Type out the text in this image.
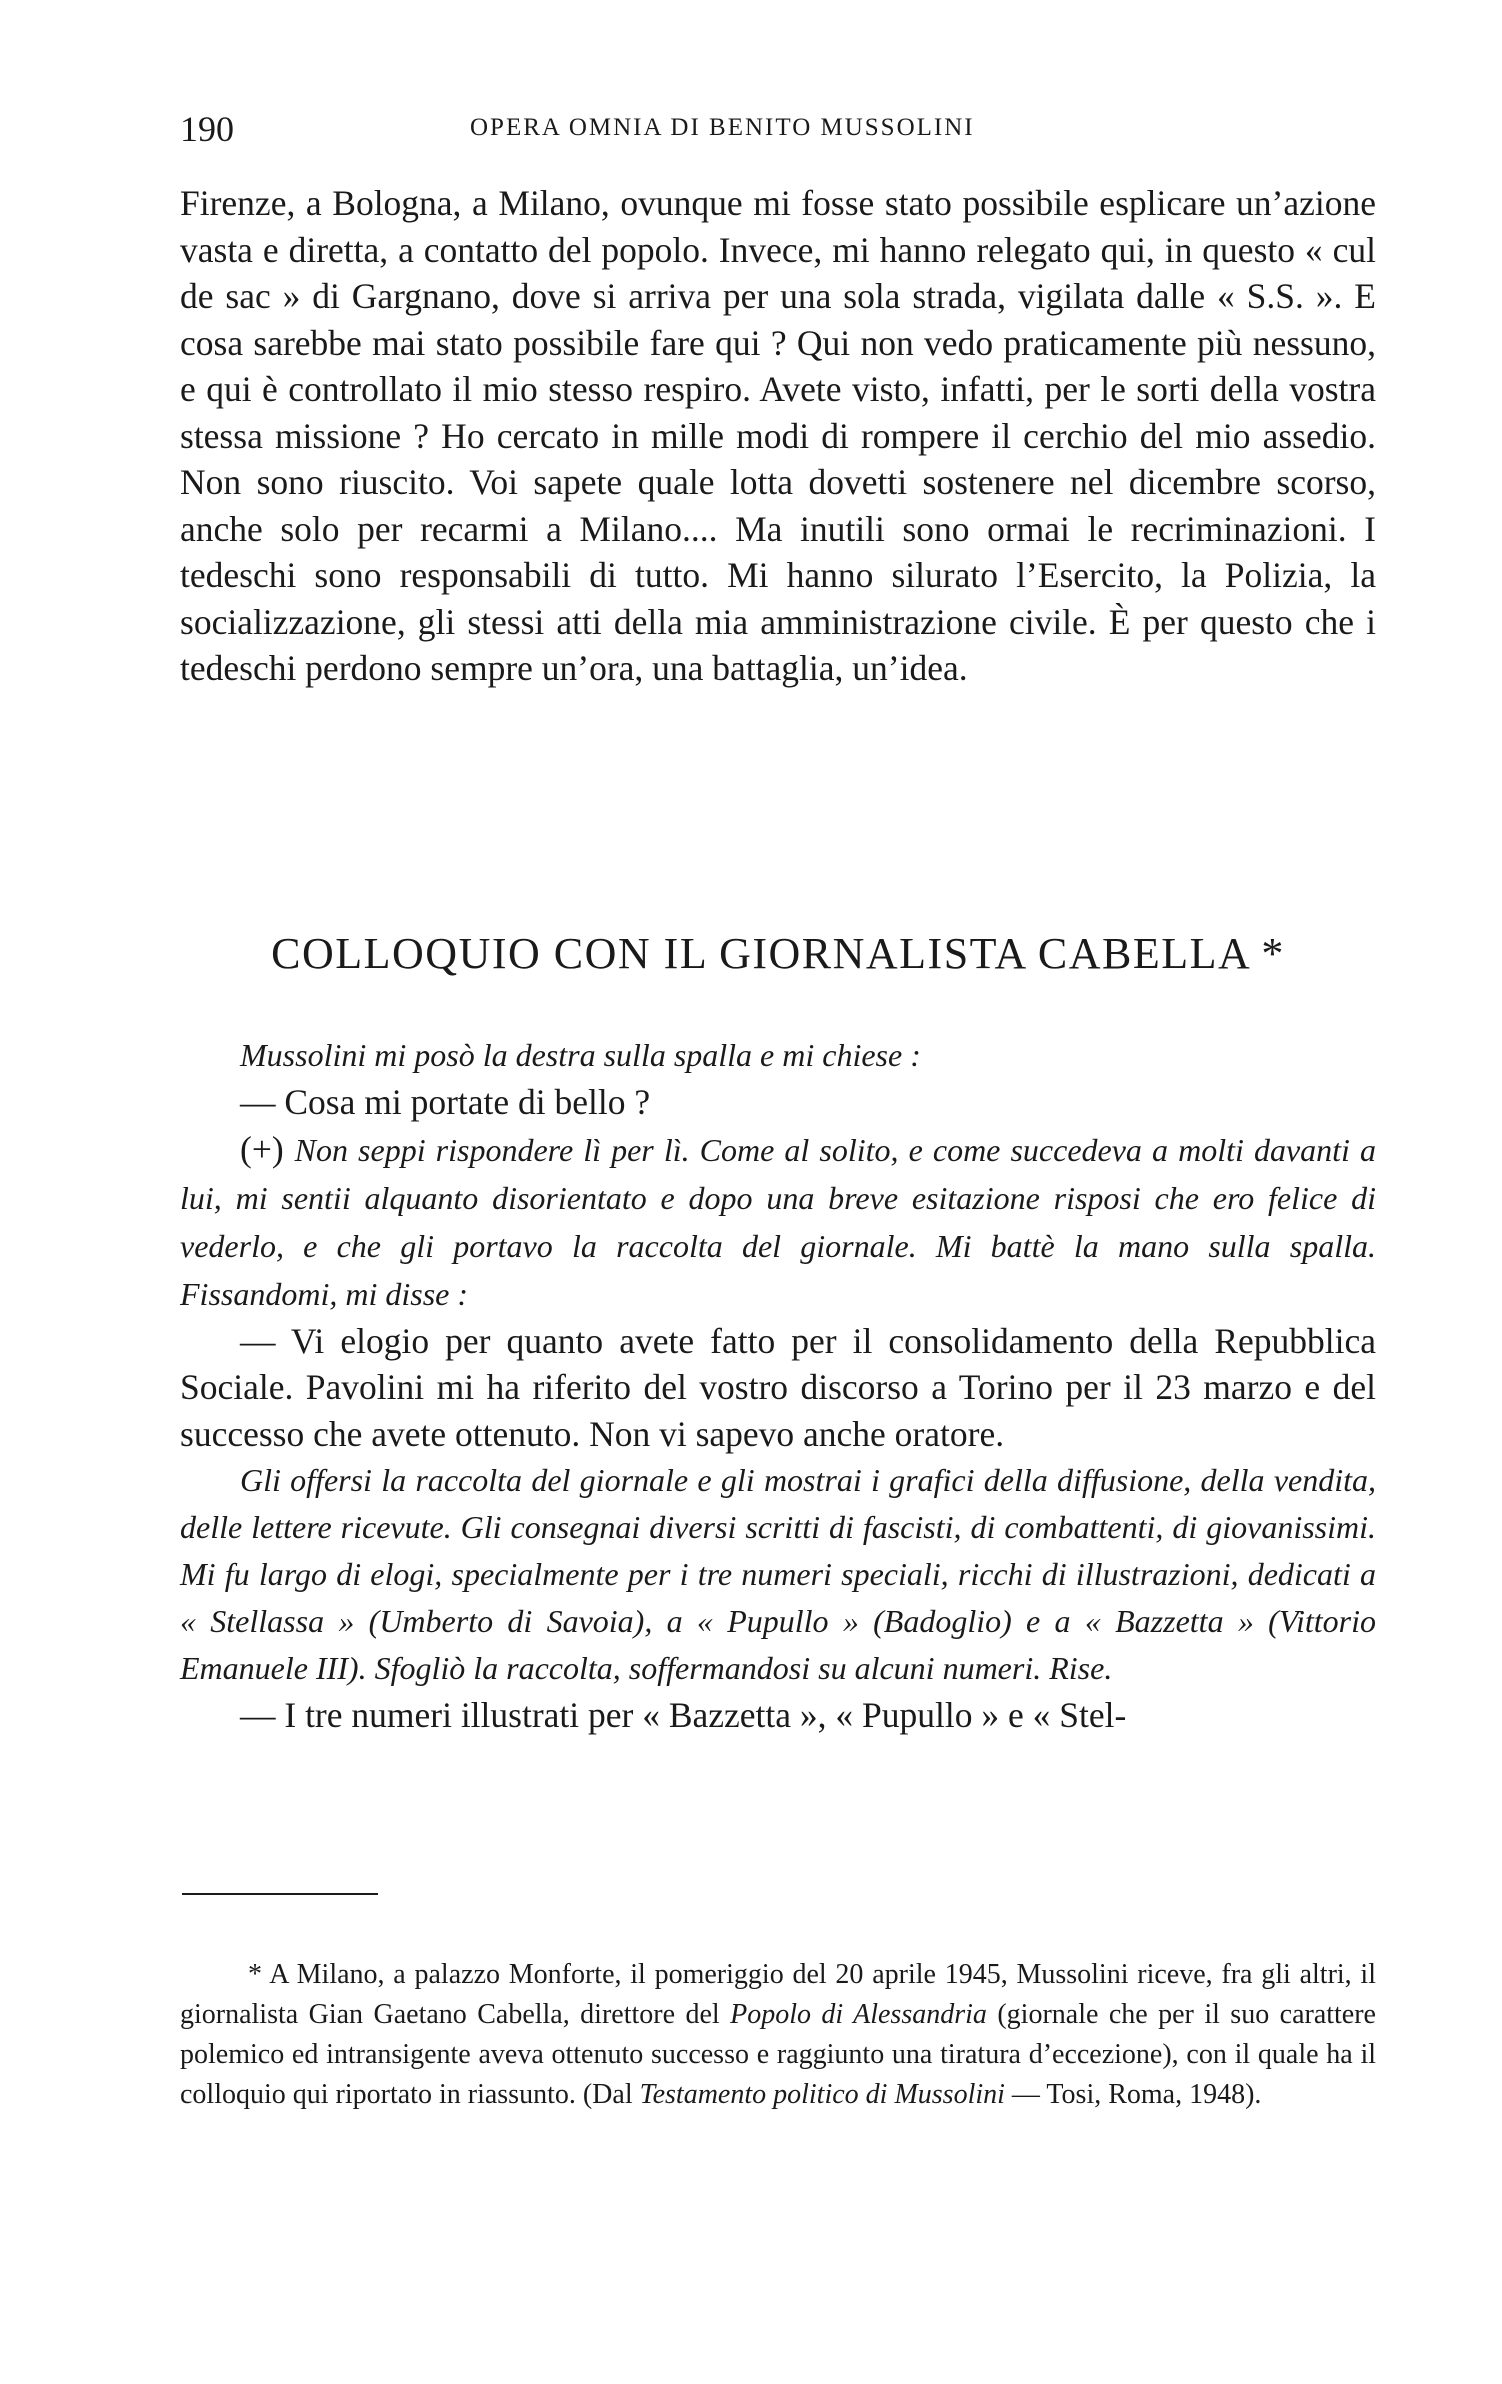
190	OPERA OMNIA DI BENITO MUSSOLINI

Firenze, a Bologna, a Milano, ovunque mi fosse stato possibile esplicare un’azione vasta e diretta, a contatto del popolo. Invece, mi hanno relegato qui, in questo « cul de sac » di Gargnano, dove si arriva per una sola strada, vigilata dalle « S.S. ». E cosa sarebbe mai stato possibile fare qui ? Qui non vedo praticamente più nessuno, e qui è controllato il mio stesso respiro. Avete visto, infatti, per le sorti della vostra stessa missione ? Ho cercato in mille modi di rompere il cerchio del mio assedio. Non sono riuscito. Voi sapete quale lotta dovetti sostenere nel dicembre scorso, anche solo per recarmi a Milano.... Ma inutili sono ormai le recriminazioni. I tedeschi sono responsabili di tutto. Mi hanno silurato l’Esercito, la Polizia, la socializzazione, gli stessi atti della mia amministrazione civile. È per questo che i tedeschi perdono sempre un’ora, una battaglia, un’idea.

COLLOQUIO CON IL GIORNALISTA CABELLA *

Mussolini mi posò la destra sulla spalla e mi chiese :

— Cosa mi portate di bello ?

(+) Non seppi rispondere lì per lì. Come al solito, e come succedeva a molti davanti a lui, mi sentii alquanto disorientato e dopo una breve esitazione risposi che ero felice di vederlo, e che gli portavo la raccolta del giornale. Mi battè la mano sulla spalla. Fissandomi, mi disse :

— Vi elogio per quanto avete fatto per il consolidamento della Repubblica Sociale. Pavolini mi ha riferito del vostro discorso a Torino per il 23 marzo e del successo che avete ottenuto. Non vi sapevo anche oratore.

Gli offersi la raccolta del giornale e gli mostrai i grafici della diffusione, della vendita, delle lettere ricevute. Gli consegnai diversi scritti di fascisti, di combattenti, di giovanissimi. Mi fu largo di elogi, specialmente per i tre numeri speciali, ricchi di illustrazioni, dedicati a « Stellassa » (Umberto di Savoia), a « Pupullo » (Badoglio) e a « Bazzetta » (Vittorio Emanuele III). Sfogliò la raccolta, soffermandosi su alcuni numeri. Rise.

— I tre numeri illustrati per « Bazzetta », « Pupullo » e « Stel-

* A Milano, a palazzo Monforte, il pomeriggio del 20 aprile 1945, Mussolini riceve, fra gli altri, il giornalista Gian Gaetano Cabella, direttore del Popolo di Alessandria (giornale che per il suo carattere polemico ed intransigente aveva ottenuto successo e raggiunto una tiratura d’eccezione), con il quale ha il colloquio qui riportato in riassunto. (Dal Testamento politico di Mussolini — Tosi, Roma, 1948).
